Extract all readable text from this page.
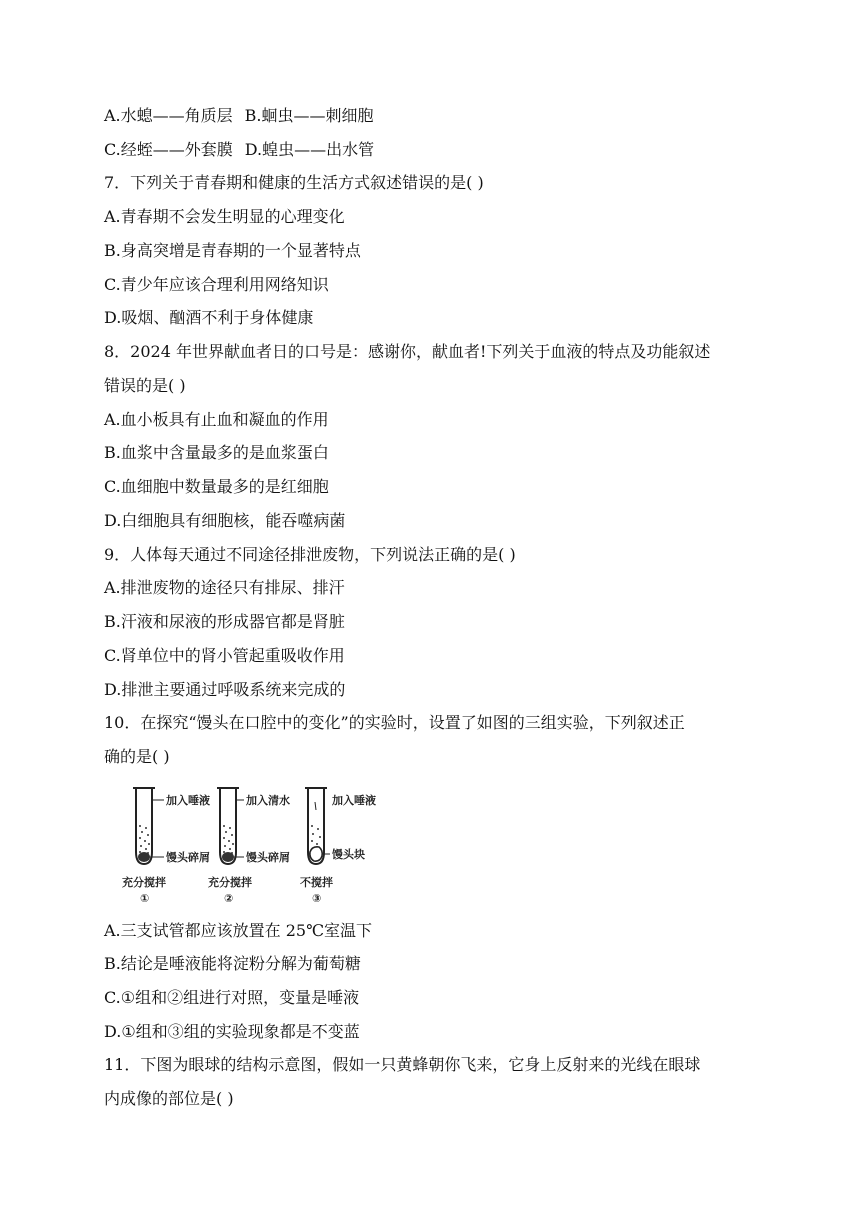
A.水螅——角质层 B.蛔虫——刺细胞
C.经蛭——外套膜 D.蝗虫——出水管
7．下列关于青春期和健康的生活方式叙述错误的是( )
A.青春期不会发生明显的心理变化
B.身高突增是青春期的一个显著特点
C.青少年应该合理利用网络知识
D.吸烟、酗酒不利于身体健康
8．2024 年世界献血者日的口号是：感谢你，献血者!下列关于血液的特点及功能叙述
错误的是( )
A.血小板具有止血和凝血的作用
B.血浆中含量最多的是血浆蛋白
C.血细胞中数量最多的是红细胞
D.白细胞具有细胞核，能吞噬病菌
9．人体每天通过不同途径排泄废物，下列说法正确的是( )
A.排泄废物的途径只有排尿、排汗
B.汗液和尿液的形成器官都是肾脏
C.肾单位中的肾小管起重吸收作用
D.排泄主要通过呼吸系统来完成的
10．在探究“馒头在口腔中的变化”的实验时，设置了如图的三组实验，下列叙述正
确的是( )
加入唾液
馒头碎屑
充分搅拌
①
加入清水
馒头碎屑
充分搅拌
②
加入唾液
馒头块
不搅拌
③
A.三支试管都应该放置在 25℃室温下
B.结论是唾液能将淀粉分解为葡萄糖
C.①组和②组进行对照，变量是唾液
D.①组和③组的实验现象都是不变蓝
11．下图为眼球的结构示意图，假如一只黄蜂朝你飞来，它身上反射来的光线在眼球
内成像的部位是( )
